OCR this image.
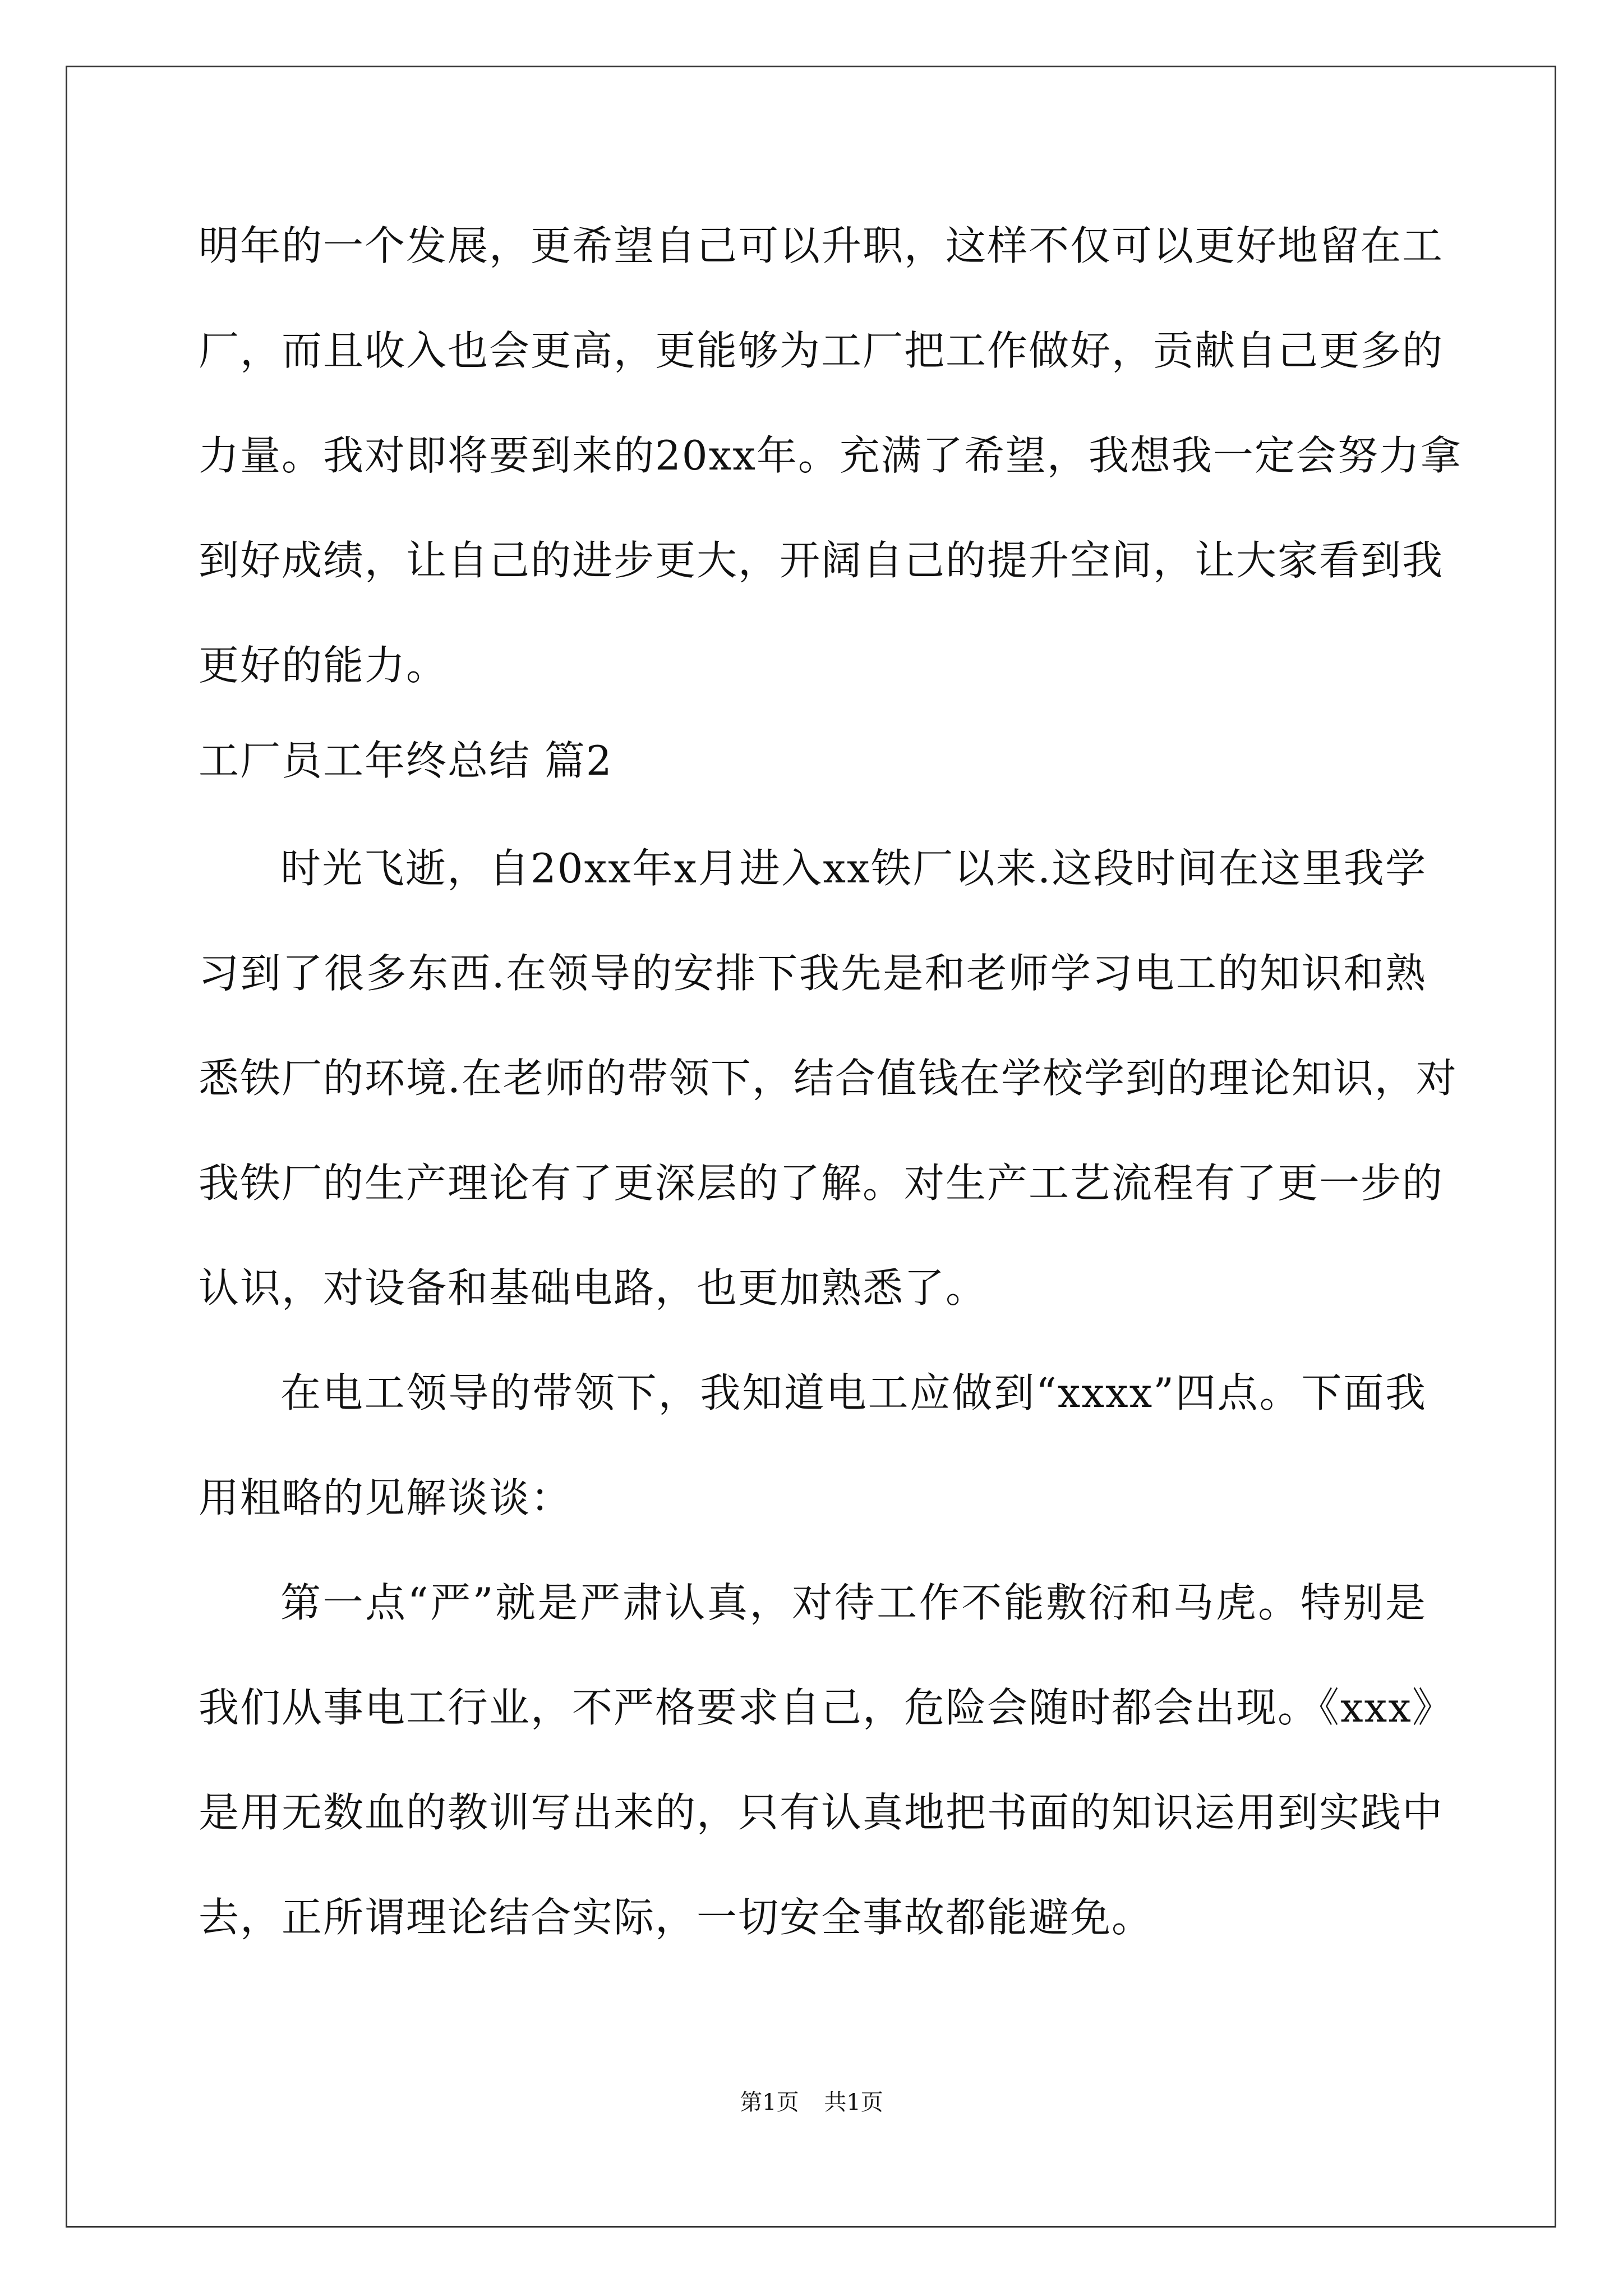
明年的一个发展，更希望自己可以升职，这样不仅可以更好地留在工
厂，而且收入也会更高，更能够为工厂把工作做好，贡献自己更多的
力量。我对即将要到来的20xx年。充满了希望，我想我一定会努力拿
到好成绩，让自己的进步更大，开阔自己的提升空间，让大家看到我
更好的能力。
工厂员工年终总结 篇2
时光飞逝，自20xx年x月进入xx铁厂以来.这段时间在这里我学
习到了很多东西.在领导的安排下我先是和老师学习电工的知识和熟
悉铁厂的环境.在老师的带领下，结合值钱在学校学到的理论知识，对
我铁厂的生产理论有了更深层的了解。对生产工艺流程有了更一步的
认识，对设备和基础电路，也更加熟悉了。
在电工领导的带领下，我知道电工应做到“xxxx”四点。下面我
用粗略的见解谈谈：
第一点“严”就是严肃认真，对待工作不能敷衍和马虎。特别是
我们从事电工行业，不严格要求自己，危险会随时都会出现。《xxx》
是用无数血的教训写出来的，只有认真地把书面的知识运用到实践中
去，正所谓理论结合实际，一切安全事故都能避免。
第1页 共1页
